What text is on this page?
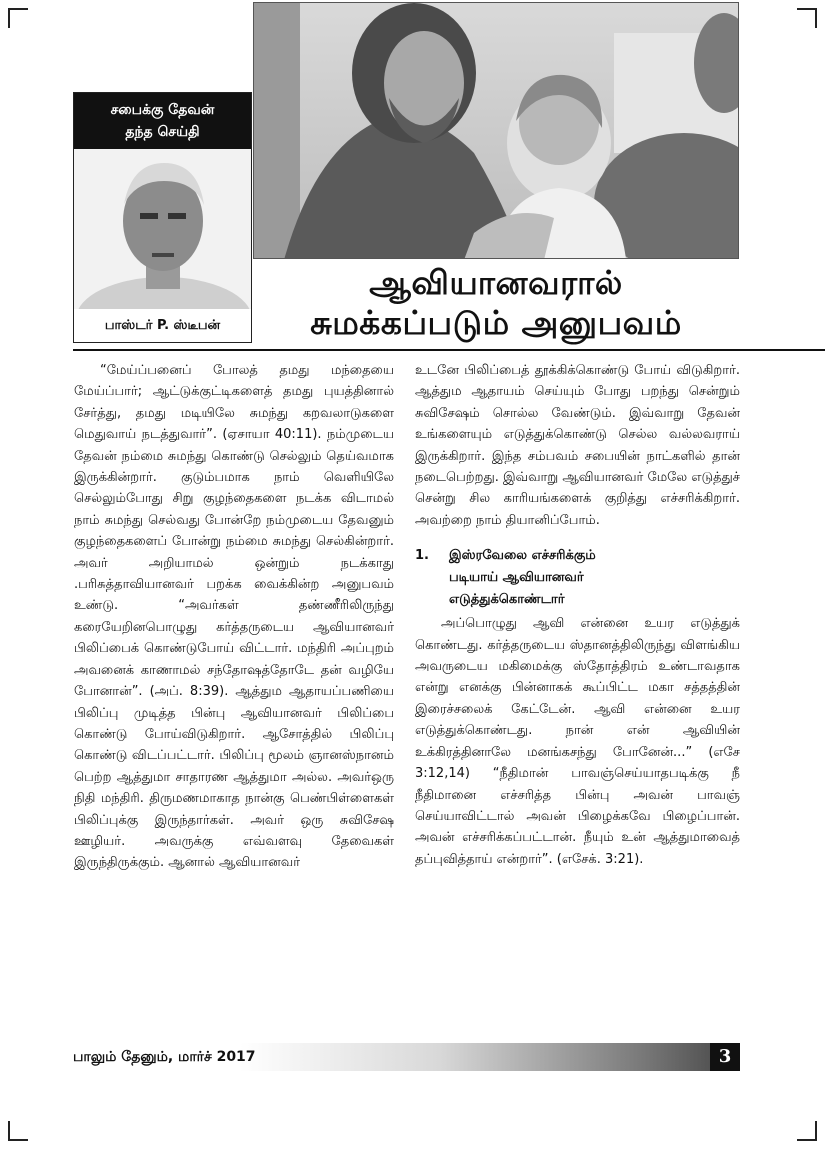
சபைக்கு தேவன்
தந்த செய்தி
பாஸ்டர் P. ஸ்டீபன்
ஆவியானவரால்
சுமக்கப்படும் அனுபவம்

“மேய்ப்பனைப் போலத் தமது மந்தையை மேய்ப்பார்; ஆட்டுக்குட்டிகளைத் தமது புயத்தினால் சேர்த்து, தமது மடியிலே சுமந்து கறவலாடுகளை மெதுவாய் நடத்துவார்”. (ஏசாயா 40:11). நம்முடைய தேவன் நம்மை சுமந்து கொண்டு செல்லும் தெய்வமாக இருக்கின்றார். குடும்பமாக நாம் வெளியிலே செல்லும்போது சிறு குழந்தைகளை நடக்க விடாமல் நாம் சுமந்து செல்வது போன்றே நம்முடைய தேவனும் குழந்தைகளைப் போன்று நம்மை சுமந்து செல்கின்றார். அவர் அறியாமல் ஒன்றும் நடக்காது .பரிசுத்தாவியானவர் பறக்க வைக்கின்ற அனுபவம் உண்டு. “அவர்கள் தண்ணீரிலிருந்து கரையேறினபொழுது கர்த்தருடைய ஆவியானவர் பிலிப்பைக் கொண்டுபோய் விட்டார். மந்திரி அப்புறம் அவனைக் காணாமல் சந்தோஷத்தோடே தன் வழியே போனான்”. (அப். 8:39). ஆத்தும ஆதாயப்பணியை பிலிப்பு முடித்த பின்பு ஆவியானவர் பிலிப்பை கொண்டு போய்விடுகிறார். ஆசோத்தில் பிலிப்பு கொண்டு விடப்பட்டார். பிலிப்பு மூலம் ஞானஸ்நானம் பெற்ற ஆத்துமா சாதாரண ஆத்துமா அல்ல. அவர்ஒரு நிதி மந்திரி. திருமணமாகாத நான்கு பெண்பிள்ளைகள் பிலிப்புக்கு இருந்தார்கள். அவர் ஒரு சுவிசேஷ ஊழியர். அவருக்கு எவ்வளவு தேவைகள் இருந்திருக்கும். ஆனால் ஆவியானவர்

உடனே பிலிப்பைத் தூக்கிக்கொண்டு போய் விடுகிறார். ஆத்தும ஆதாயம் செய்யும் போது பறந்து சென்றும் சுவிசேஷம் சொல்ல வேண்டும். இவ்வாறு தேவன் உங்களையும் எடுத்துக்கொண்டு செல்ல வல்லவராய் இருக்கிறார். இந்த சம்பவம் சபையின் நாட்களில் தான் நடைபெற்றது. இவ்வாறு ஆவியானவர் மேலே எடுத்துச் சென்று சில காரியங்களைக் குறித்து எச்சரிக்கிறார். அவற்றை நாம் தியானிப்போம்.

1.	இஸ்ரவேலை எச்சரிக்கும்
படியாய் ஆவியானவர்
எடுத்துக்கொண்டார்

அப்பொழுது ஆவி என்னை உயர எடுத்துக் கொண்டது. கர்த்தருடைய ஸ்தானத்திலிருந்து விளங்கிய அவருடைய மகிமைக்கு ஸ்தோத்திரம் உண்டாவதாக என்று எனக்கு பின்னாகக் கூப்பிட்ட மகா சத்தத்தின் இரைச்சலைக் கேட்டேன். ஆவி என்னை உயர எடுத்துக்கொண்டது. நான் என் ஆவியின் உக்கிரத்தினாலே மனங்கசந்து போனேன்...” (எசே 3:12,14) “நீதிமான் பாவஞ்செய்யாதபடிக்கு நீ நீதிமானை எச்சரித்த பின்பு அவன் பாவஞ் செய்யாவிட்டால் அவன் பிழைக்கவே பிழைப்பான். அவன் எச்சரிக்கப்பட்டான். நீயும் உன் ஆத்துமாவைத் தப்புவித்தாய் என்றார்”. (எசேக். 3:21).

பாலும் தேனும், மார்ச் 2017	3
